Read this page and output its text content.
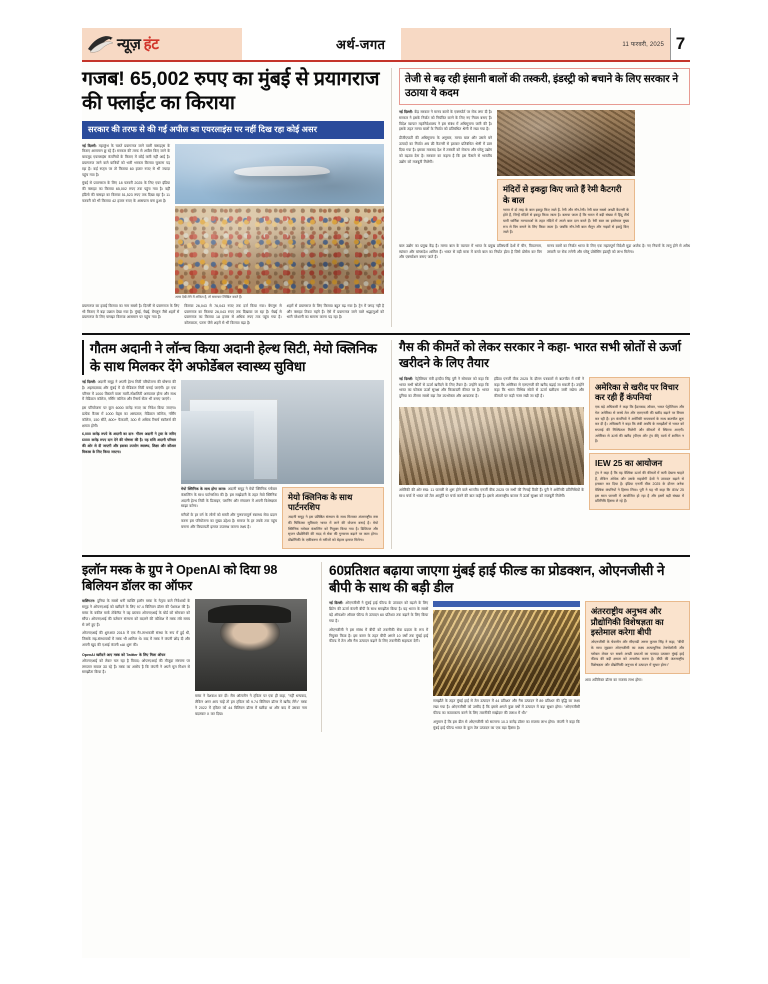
न्यूज़ हंट	अर्थ-जगत	11 फरवरी, 2025 7
गजब! 65,002 रुपए का मुंबई से प्रयागराज की फ्लाईट का किराया
सरकार की तरफ से की गई अपील का एयरलाइंस पर नहीं दिख रहा कोई असर

नई दिल्ली: महाकुंभ के चलते प्रयागराज जाने वाली फ्लाइट्स के किराए आसमान छू रहे हैं। सरकार की तरफ से अपील किए जाने के बावजूद एयरलाइंस कंपनियों के किराए में कोई कमी नहीं आई है। प्रयागराज जाने वाले यात्रियों को भारी भरकम किराया चुकाना पड़ रहा है। कई रूट्स पर तो किराया 60 हजार रुपए से भी ज्यादा पहुंच गया है।

मुंबई से प्रयागराज के लिए 18 फरवरी 2025 के लिए एयर इंडिया की फ्लाइट का किराया 65,002 रुपए तक पहुंच गया है। वहीं इंडिगो की फ्लाइट का किराया 51,523 रुपए तक दिखा रहा है। 11 फरवरी को भी किराया 42 हजार रुपए के आसपास बना हुआ है।

अमर देखें लेने में अंकित है, तो समाचार लिखित करते हैं।
प्रयागराज का हवाई किराया का नाम सबसे है। दिल्ली से प्रयागराज के लिए भी किराए में बड़ा उछाल देखा गया है। मुंबई, चेन्नई, बेंगलुरु जैसे शहरों से प्रयागराज के लिए फ्लाइट किराया आसमान पर पहुंच गया है।
किराया 26,043 से 76,043 रुपए तक दर्ज किया गया। बेंगलुरु से प्रयागराज का किराया 26,043 रुपए तक दिखाया जा रहा है। चेन्नई से प्रयागराज का किराया 18 हजार से अधिक रुपए तक पहुंच गया है। कोलकाता, पटना जैसे शहरों से भी किराया बढ़ा है।
शहरों से प्रयागराज के लिए किराया बहुत बढ़ गया है। ट्रेन में जगह नहीं है और फ्लाइट टिकट महंगे हैं। ऐसे में प्रयागराज जाने वाले श्रद्धालुओं को भारी परेशानी का सामना करना पड़ रहा है।
तेजी से बढ़ रही इंसानी बालों की तस्करी, इंडस्ट्री को बचाने के लिए सरकार ने उठाया ये कदम

नई दिल्ली: केंद्र सरकार ने मानव बालों के एक्सपोर्ट पर रोक लगा दी है। सरकार ने इसके निर्यात को नियंत्रित करने के लिए नए नियम बनाए हैं। विदेश व्यापार महानिदेशालय ने इस संबंध में अधिसूचना जारी की है। इसके तहत मानव बालों के निर्यात को प्रतिबंधित श्रेणी में रखा गया है।

डीजीएफटी की अधिसूचना के अनुसार, मानव बाल और उससे बने उत्पादों का निर्यात अब फ्री कैटगरी से हटाकर प्रतिबंधित श्रेणी में डाल दिया गया है। इसका मकसद देश में तस्करी को रोकना और घरेलू उद्योग को बढ़ावा देना है। सरकार का कहना है कि इस फैसले से भारतीय उद्योग को मजबूती मिलेगी।

मंदिरों से इकट्ठा किए जाते हैं रेमी कैटगरी के बाल
भारत में दो तरह के बाल इकट्ठा किए जाते हैं- रेमी और नॉन-रेमी। रेमी बाल सबसे अच्छी कैटगरी के होते हैं, जिन्हें मंदिरों से इकट्ठा किया जाता है। बताया जाता है कि भारत में बड़ी संख्या में हिंदू तीर्थ यात्री धार्मिक मान्यताओं के तहत मंदिरों में अपने बाल दान करते हैं। रेमी बाल का इस्तेमाल मुख्य रूप से विग बनाने के लिए किया जाता है। जबकि नॉन-रेमी बाल सैलून और नाइयों से इकट्ठे किए जाते हैं।
बाल उद्योग का प्रमुख केंद्र है। मानव बाल के व्यापार में भारत के प्रमुख प्रतिस्पर्धी देशों में चीन, वियतनाम, म्यांमार और बांग्लादेश शामिल हैं। भारत से बड़ी मात्रा में कच्चे बाल का निर्यात होता है जिसे प्रोसेस कर विग और एक्सटेंशन बनाए जाते हैं।
मानव बालों का निर्यात भारत के लिए एक महत्वपूर्ण विदेशी मुद्रा अर्जक है। नए नियमों के लागू होने से अवैध तस्करी पर रोक लगेगी और घरेलू प्रोसेसिंग इंडस्ट्री को लाभ मिलेगा।
गौतम अदानी ने लॉन्च किया अदानी हेल्थ सिटी, मेयो क्लिनिक के साथ मिलकर देंगे अफोर्डेबल स्वास्थ्य सुविधा

नई दिल्ली: अदानी समूह ने अपनी हेल्थ सिटी परियोजना की घोषणा की है। अहमदाबाद और मुंबई में दो मेडिकल सिटी बनाई जाएंगी। हर एक परिसर में 1000 बिस्तरों वाला मल्टी-स्पेशलिटी अस्पताल होगा और साथ में मेडिकल कॉलेज, नर्सिंग कॉलेज और रिसर्च सेंटर भी बनाए जाएंगे।

इस परियोजना पर कुल 6000 करोड़ रुपए का निवेश किया जाएगा। प्रत्येक कैंपस में 1000 बेड्स का अस्पताल, मेडिकल कॉलेज, नर्सिंग कॉलेज, 150 सीटें, 800+ फैकल्टी, 300 से अधिक रिसर्च स्कॉलर्स की क्षमता होगी।

6,000 करोड़ रुपये के अदानी का दान: गौतम अदानी ने ट्रस्ट के जरिए 6000 करोड़ रुपए दान देने की घोषणा की है। यह राशि अदानी परिवार की ओर से दी जाएगी और इसका उपयोग स्वास्थ्य, शिक्षा और कौशल विकास के लिए किया जाएगा।

मेयो क्लिनिक के साथ होगा करार: अदानी समूह ने मेयो क्लिनिक ग्लोबल कंसल्टिंग के साथ पार्टनरशिप की है। इस साझेदारी के तहत मेयो क्लिनिक अदानी हेल्थ सिटी के डिजाइन, प्लानिंग और संचालन में अपनी विशेषज्ञता साझा करेगा।

मरीजों के हर वर्ग के लोगों को सस्ती और गुणवत्तापूर्ण स्वास्थ्य सेवा प्रदान करना इस परियोजना का मुख्य उद्देश्य है। समाज के हर तबके तक पहुंच बनाना और किफायती इलाज उपलब्ध कराना लक्ष्य है।

मेयो क्लिनिक के साथ पार्टनरशिप
अदानी समूह ने इस प्रतिष्ठित संस्थान के साथ मिलकर अंतरराष्ट्रीय स्तर की चिकित्सा सुविधाएं भारत में लाने की योजना बनाई है। मेयो क्लिनिक ग्लोबल कंसल्टिंग को नियुक्त किया गया है। डिजिटल और सृजन प्रौद्योगिकी की मदद से सेवा की गुणवत्ता बढ़ाने पर काम होगा। प्रौद्योगिकी के एकीकरण से मरीजों को बेहतर इलाज मिलेगा।
गैस की कीमतें को लेकर सरकार ने कहा- भारत सभी स्रोतों से ऊर्जा खरीदने के लिए तैयार

नई दिल्ली: पेट्रोलियम मंत्री हरदीप सिंह पुरी ने सोमवार को कहा कि भारत सभी स्रोतों से ऊर्जा खरीदने के लिए तैयार है। उन्होंने कहा कि भारत का फोकस ऊर्जा सुरक्षा और किफायती कीमत पर है। भारत दुनिया का तीसरा सबसे बड़ा तेल उपभोक्ता और आयातक है।

इंडिया एनर्जी वीक 2025 के दौरान पत्रकारों से बातचीत में मंत्री ने कहा कि अमेरिका से एलएनजी की खरीद बढ़ाई जा सकती है। उन्होंने कहा कि भारत विभिन्न स्रोतों से ऊर्जा खरीदना जारी रखेगा और कीमतों पर कड़ी नजर रखी जा रही है।
अमेरिकी की ओर रुख: 11 फरवरी से शुरू होने वाले भारतीय एनर्जी वीक 2025 पर सभी की निगाहें टिकी हैं। पुरी ने अमेरिकी प्रतिनिधियों के साथ चर्चा में भारत को तेल आपूर्ति पर चर्चा करने की बात कही है। इससे अंतरराष्ट्रीय बाजार में ऊर्जा सुरक्षा को मजबूती मिलेगी।
अमेरिका से खरीद पर विचार कर रही हैं कंपनियां
एक बड़े अधिकारी ने कहा कि हैदराबाद ऑयल, भारत पेट्रोलियम और गेल अमेरिका से कच्चे तेल और एलएनजी की खरीद बढ़ाने पर विचार कर रही हैं। इन कंपनियों ने अमेरिकी सप्लायर्स के साथ बातचीत शुरू कर दी है। अधिकारी ने कहा कि लंबी अवधि के समझौतों से भारत को सप्लाई की निश्चितता मिलेगी और कीमतों में स्थिरता आएगी। अमेरिका से ऊर्जा की खरीद (पीएम और ट्रंप की) वार्ता में शामिल न है।
IEW 25 का आयोजन
ट्रंप ने कहा है कि वह वैश्विक ऊर्जा की कीमतों में कमी देखना चाहते हैं, लेकिन ओपेक और उसके सहयोगी देशों ने उत्पादन बढ़ाने से इनकार कर दिया है। इंडिया एनर्जी वीक 2025 के दौरान अनेक वैश्विक कंपनियों ने हिस्सा लिया। पुरी ने यह भी कहा कि IEW 25 इस साल फरवरी में आयोजित हो रहा है और इसमें बड़ी संख्या में प्रतिनिधि हिस्सा ले रहे हैं।
इलॉन मस्क के ग्रुप ने OpenAI को दिया 98 बिलियन डॉलर का ऑफर

वाशिंगटन: दुनिया के सबसे धनी व्यक्ति इलॉन मस्क के नेतृत्व वाले निवेशकों के समूह ने ओपनएआई को खरीदने के लिए 97.4 बिलियन डॉलर की पेशकश की है। मस्क के वकील मार्क टोबेरॉफ ने यह प्रस्ताव ओपनएआई के बोर्ड को सोमवार को सौंपा। ओपनएआई की वर्तमान संरचना को बदलने की कोशिश में मस्क लंबे समय से लगे हुए हैं।

ओपनएआई की शुरुआत 2015 में एक गैर-लाभकारी संस्था के रूप में हुई थी, जिसके सह-संस्थापकों में मस्क भी शामिल थे। बाद में मस्क ने कंपनी छोड़ दी और अपनी खुद की एआई कंपनी xAI शुरू की।
OpenAI खरीदने आए मस्क को Twitter के लिए मिला ऑफर
ओपनएआई को लेकर चल रहा है विवाद: ओपनएआई की मौजूदा संरचना पर लगातार सवाल उठ रहे हैं। मस्क का आरोप है कि कंपनी ने अपने मूल मिशन से समझौता किया है।
मस्क ने पेशकश कर दी। सैम ऑल्टमैन ने ट्विटर पर एक ही कहा, "नहीं धन्यवाद, लेकिन अगर आप चाहें तो हम ट्विटर को 9.74 बिलियन डॉलर में खरीद लेंगे।" मस्क ने 2022 में ट्विटर को 44 बिलियन डॉलर में खरीदा था और बाद में उसका नाम बदलकर X कर दिया।
60प्रतिशत बढ़ाया जाएगा मुंबई हाई फील्ड का प्रोडक्शन, ओएनजीसी ने बीपी के साथ की बड़ी डील

नई दिल्ली: ओएनजीसी ने मुंबई हाई फील्ड के उत्पादन को बढ़ाने के लिए ब्रिटेन की ऊर्जा कंपनी बीपी के साथ समझौता किया है। यह भारत के सबसे बड़े ऑफशोर ऑयल फील्ड से उत्पादन 60 प्रतिशत तक बढ़ाने के लिए किया गया है।

ओएनजीसी ने इस संबंध में बीपी को तकनीकी सेवा प्रदाता के रूप में नियुक्त किया है। इस करार के तहत बीपी अगले 10 वर्षों तक मुंबई हाई फील्ड में तेल और गैस उत्पादन बढ़ाने के लिए तकनीकी सहायता देगी।

समझौते के तहत मुंबई हाई से तेल उत्पादन में 44 प्रतिशत और गैस उत्पादन में 89 प्रतिशत की वृद्धि का लक्ष्य रखा गया है। ओएनजीसी को उम्मीद है कि इससे अगले कुछ वर्षों में उत्पादन में बड़ा सुधार होगा। "ओएनजीसी फील्ड का कायाकल्प करने के लिए तकनीकी साझेदार की तलाश में थी।"
अनुमान है कि इस डील से ओएनजीसी को सालाना 10.3 करोड़ डॉलर का राजस्व लाभ होगा। कंपनी ने कहा कि मुंबई हाई फील्ड भारत के कुल तेल उत्पादन का एक बड़ा हिस्सा है।
अंतरराष्ट्रीय अनुभव और प्रौद्योगिकी विशेषज्ञता का इस्तेमाल करेगा बीपी
ओएनजीसी के चेयरमैन और सीएमडी अरुण कुमार सिंह ने कहा, "बीपी के साथ जुड़कर ओएनजीसी का लक्ष्य अत्याधुनिक टेक्नोलॉजी और ग्लोबल लेवल पर सबसे अच्छी प्रथाओं का फायदा उठाकर मुंबई हाई फील्ड की बड़ी क्षमता को अनलॉक करना है। बीपी की अंतरराष्ट्रीय विशेषज्ञता और प्रौद्योगिकी अनुभव से उत्पादन में सुधार होगा।"
आय अतिरिक्त डॉलर का राजस्व लाभ होगा।
